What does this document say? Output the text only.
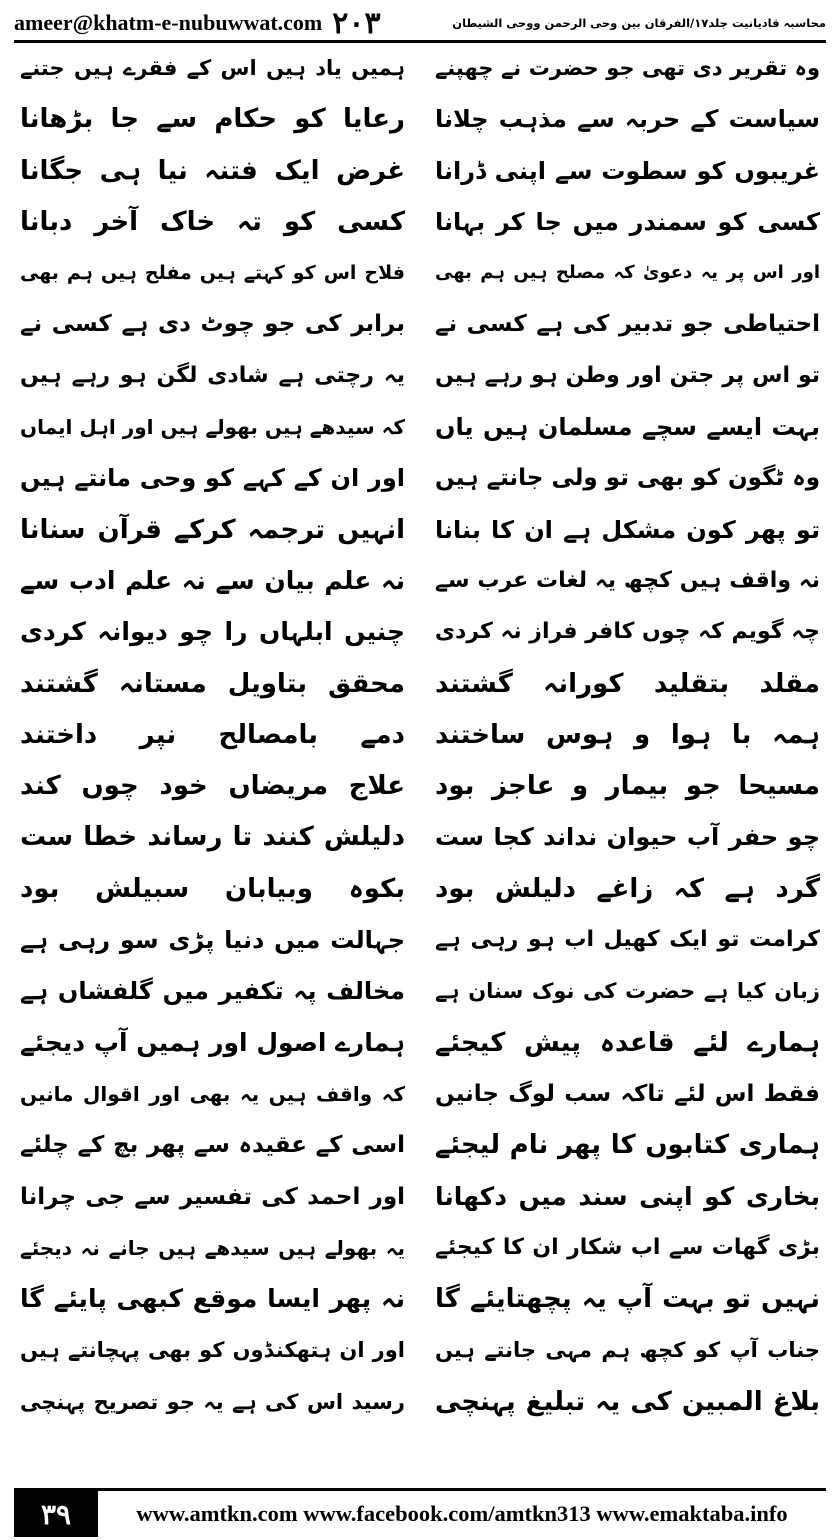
ameer@khatm-e-nubuwwat.com ۲۰۳	محاسبہ قادیانیت جلد۱۷/الفرقان بین وحی الرحمن ووحی الشیطان
وہ تقریر دی تھی جو حضرت نے چھپنے
سیاست کے حربہ سے مذہب چلانا
غریبوں کو سطوت سے اپنی ڈرانا
کسی کو سمندر میں جا کر بہانا
اور اس پر یہ دعویٰ کہ مصلح ہیں ہم بھی
احتیاطی جو تدبیر کی ہے کسی نے
تو اس پر جتن اور وطن ہو رہے ہیں
بہت ایسے سچے مسلمان ہیں یاں
وہ ٹگون کو بھی تو ولی جانتے ہیں
تو پھر کون مشکل ہے ان کا بنانا
نہ واقف ہیں کچھ یہ لغات عرب سے
چہ گویم کہ چوں کافر فراز نہ کردی
مقلد بتقلید کورانہ گشتند
ہمہ با ہوا و ہوس ساختند
مسیحا جو بیمار و عاجز بود
چو حفر آب حیوان نداند کجا ست
گرد ہے کہ زاغے دلیلش بود
کرامت تو ایک کھیل اب ہو رہی ہے
زبان کیا ہے حضرت کی نوک سنان ہے
ہمارے لئے قاعدہ پیش کیجئے
فقط اس لئے تاکہ سب لوگ جانیں
ہماری کتابوں کا پھر نام لیجئے
بخاری کو اپنی سند میں دکھانا
بڑی گھات سے اب شکار ان کا کیجئے
نہیں تو بہت آپ یہ پچھتایئے گا
جناب آپ کو کچھ ہم مہی جانتے ہیں
بلاغ المبین کی یہ تبلیغ پہنچی
ہمیں یاد ہیں اس کے فقرے ہیں جتنے
رعایا کو حکام سے جا بڑھانا
غرض ایک فتنہ نیا ہی جگانا
کسی کو تہ خاک آخر دبانا
فلاح اس کو کہتے ہیں مفلح ہیں ہم بھی
برابر کی جو چوٹ دی ہے کسی نے
یہ رچتی ہے شادی لگن ہو رہے ہیں
کہ سیدھے ہیں بھولے ہیں اور اہل ایماں
اور ان کے کہے کو وحی مانتے ہیں
انہیں ترجمہ کرکے قرآن سنانا
نہ علم بیان سے نہ علم ادب سے
چنیں ابلہاں را چو دیوانہ کردی
محقق بتاویل مستانہ گشتند
دمے بامصالح نپر داختند
علاج مریضاں خود چوں کند
دلیلش کنند تا رساند خطا ست
بکوہ وبیابان سبیلش بود
جہالت میں دنیا پڑی سو رہی ہے
مخالف پہ تکفیر میں گلفشاں ہے
ہمارے اصول اور ہمیں آپ دیجئے
کہ واقف ہیں یہ بھی اور اقوال مانیں
اسی کے عقیدہ سے پھر بچ کے چلئے
اور احمد کی تفسیر سے جی چرانا
یہ بھولے ہیں سیدھے ہیں جانے نہ دیجئے
نہ پھر ایسا موقع کبھی پایئے گا
اور ان ہتھکنڈوں کو بھی پہچانتے ہیں
رسید اس کی ہے یہ جو تصریح پہنچی
۳۹	www.amtkn.com www.facebook.com/amtkn313 www.emaktaba.info
